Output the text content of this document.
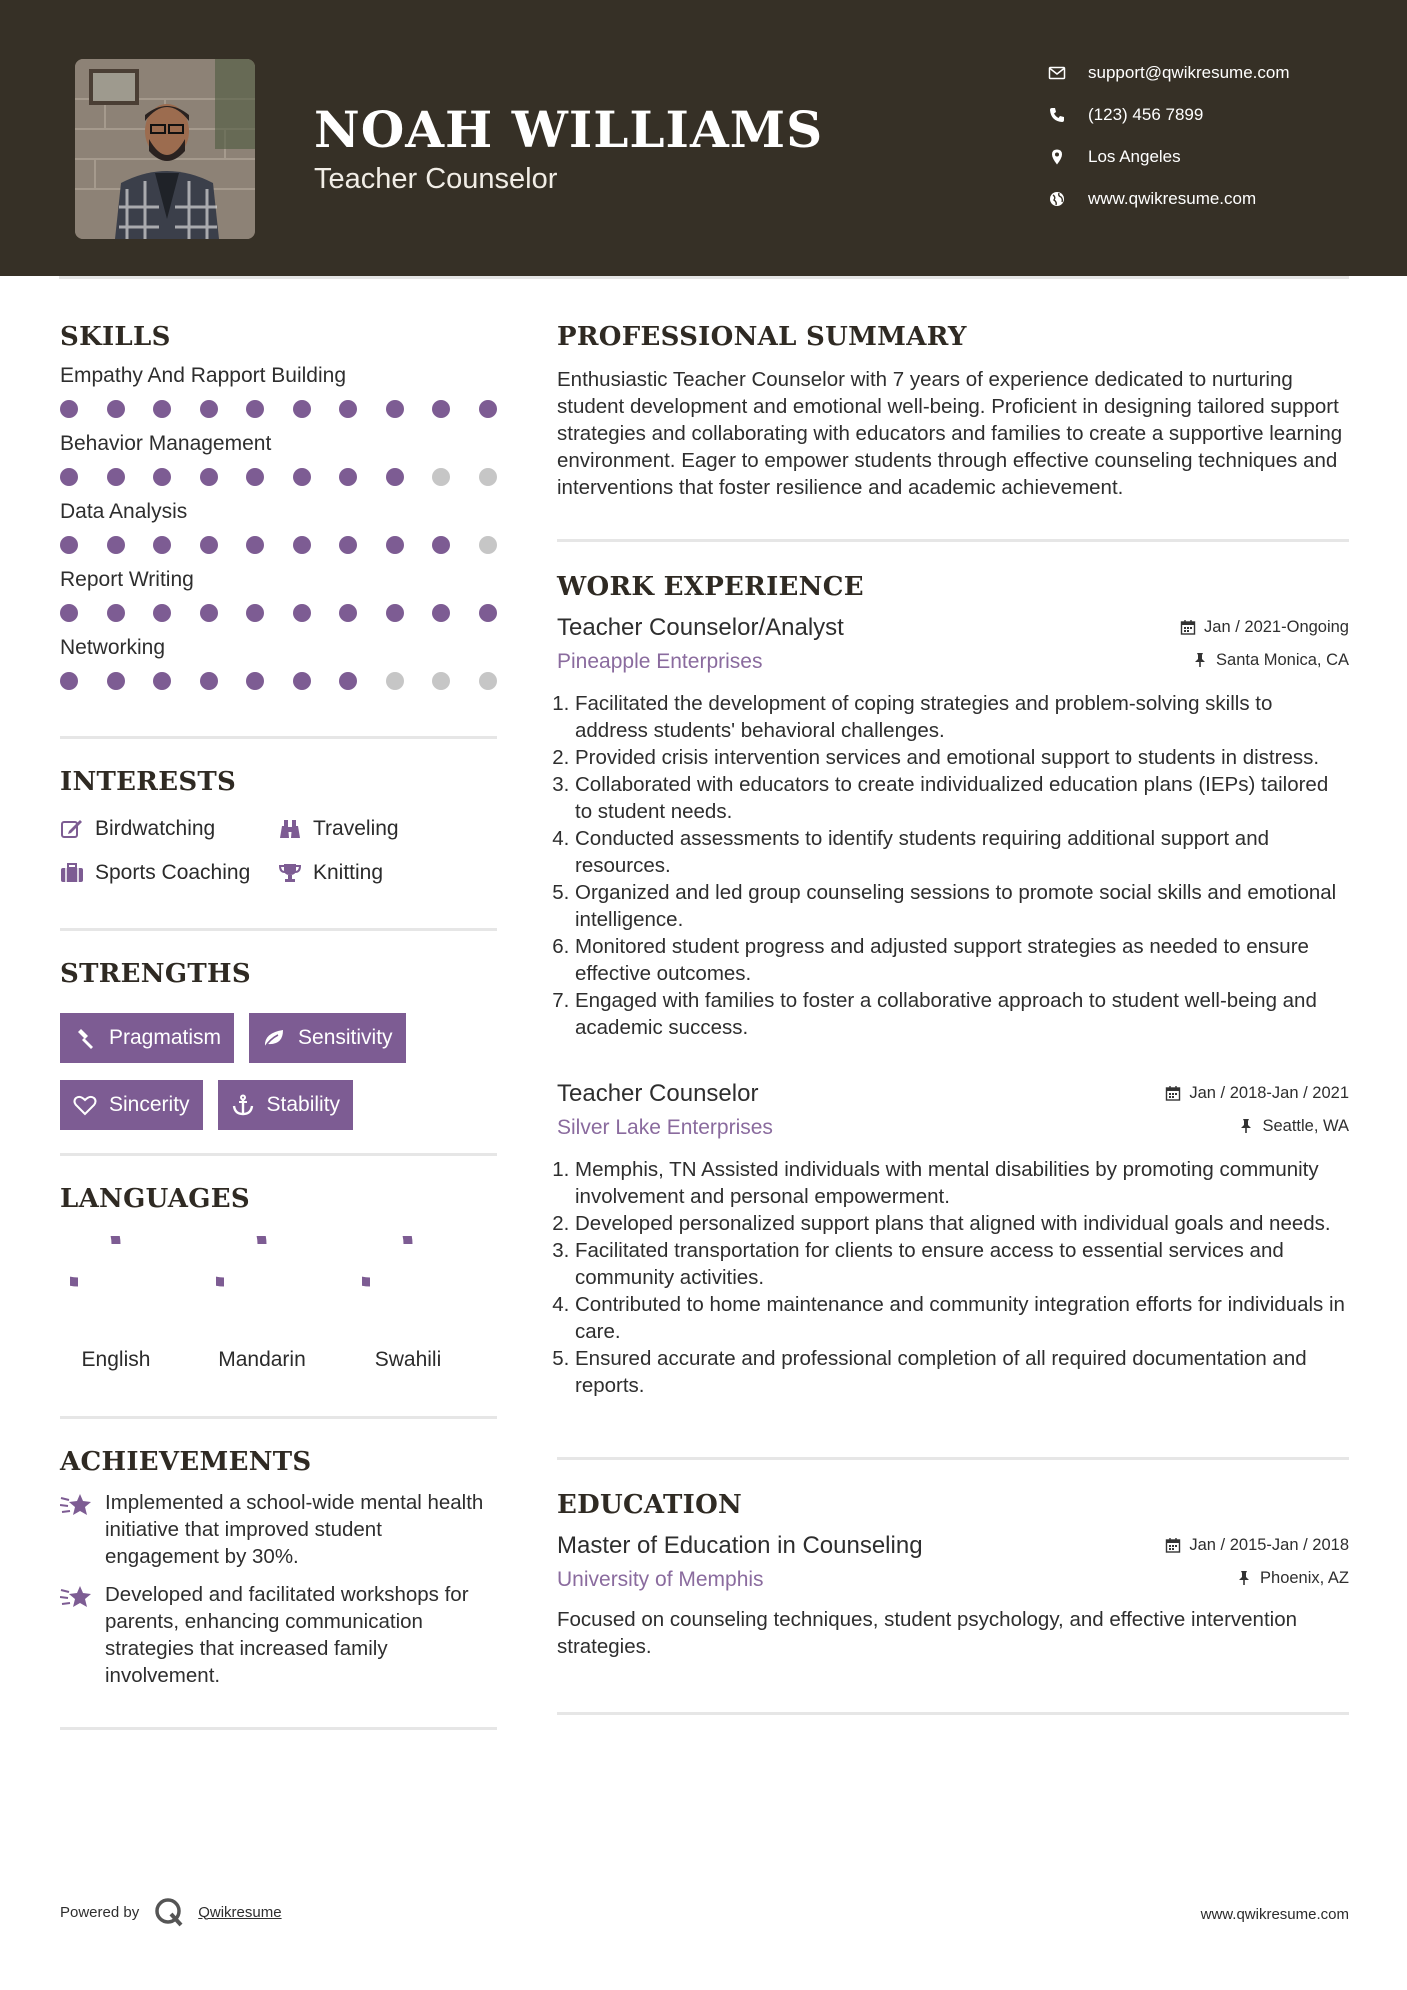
NOAH WILLIAMS
Teacher Counselor
support@qwikresume.com
(123) 456 7899
Los Angeles
www.qwikresume.com
SKILLS
Empathy And Rapport Building
Behavior Management
Data Analysis
Report Writing
Networking
INTERESTS
Birdwatching	Traveling
Sports Coaching	Knitting
STRENGTHS
Pragmatism	Sensitivity
Sincerity	Stability
LANGUAGES
English	Mandarin	Swahili
ACHIEVEMENTS
Implemented a school-wide mental health initiative that improved student engagement by 30%.
Developed and facilitated workshops for parents, enhancing communication strategies that increased family involvement.
PROFESSIONAL SUMMARY
Enthusiastic Teacher Counselor with 7 years of experience dedicated to nurturing student development and emotional well-being. Proficient in designing tailored support strategies and collaborating with educators and families to create a supportive learning environment. Eager to empower students through effective counseling techniques and interventions that foster resilience and academic achievement.
WORK EXPERIENCE
Teacher Counselor/Analyst	Jan / 2021-Ongoing
Pineapple Enterprises	Santa Monica, CA
1. Facilitated the development of coping strategies and problem-solving skills to address students' behavioral challenges.
2. Provided crisis intervention services and emotional support to students in distress.
3. Collaborated with educators to create individualized education plans (IEPs) tailored to student needs.
4. Conducted assessments to identify students requiring additional support and resources.
5. Organized and led group counseling sessions to promote social skills and emotional intelligence.
6. Monitored student progress and adjusted support strategies as needed to ensure effective outcomes.
7. Engaged with families to foster a collaborative approach to student well-being and academic success.
Teacher Counselor	Jan / 2018-Jan / 2021
Silver Lake Enterprises	Seattle, WA
1. Memphis, TN Assisted individuals with mental disabilities by promoting community involvement and personal empowerment.
2. Developed personalized support plans that aligned with individual goals and needs.
3. Facilitated transportation for clients to ensure access to essential services and community activities.
4. Contributed to home maintenance and community integration efforts for individuals in care.
5. Ensured accurate and professional completion of all required documentation and reports.
EDUCATION
Master of Education in Counseling	Jan / 2015-Jan / 2018
University of Memphis	Phoenix, AZ
Focused on counseling techniques, student psychology, and effective intervention strategies.
Powered by	Qwikresume	www.qwikresume.com
